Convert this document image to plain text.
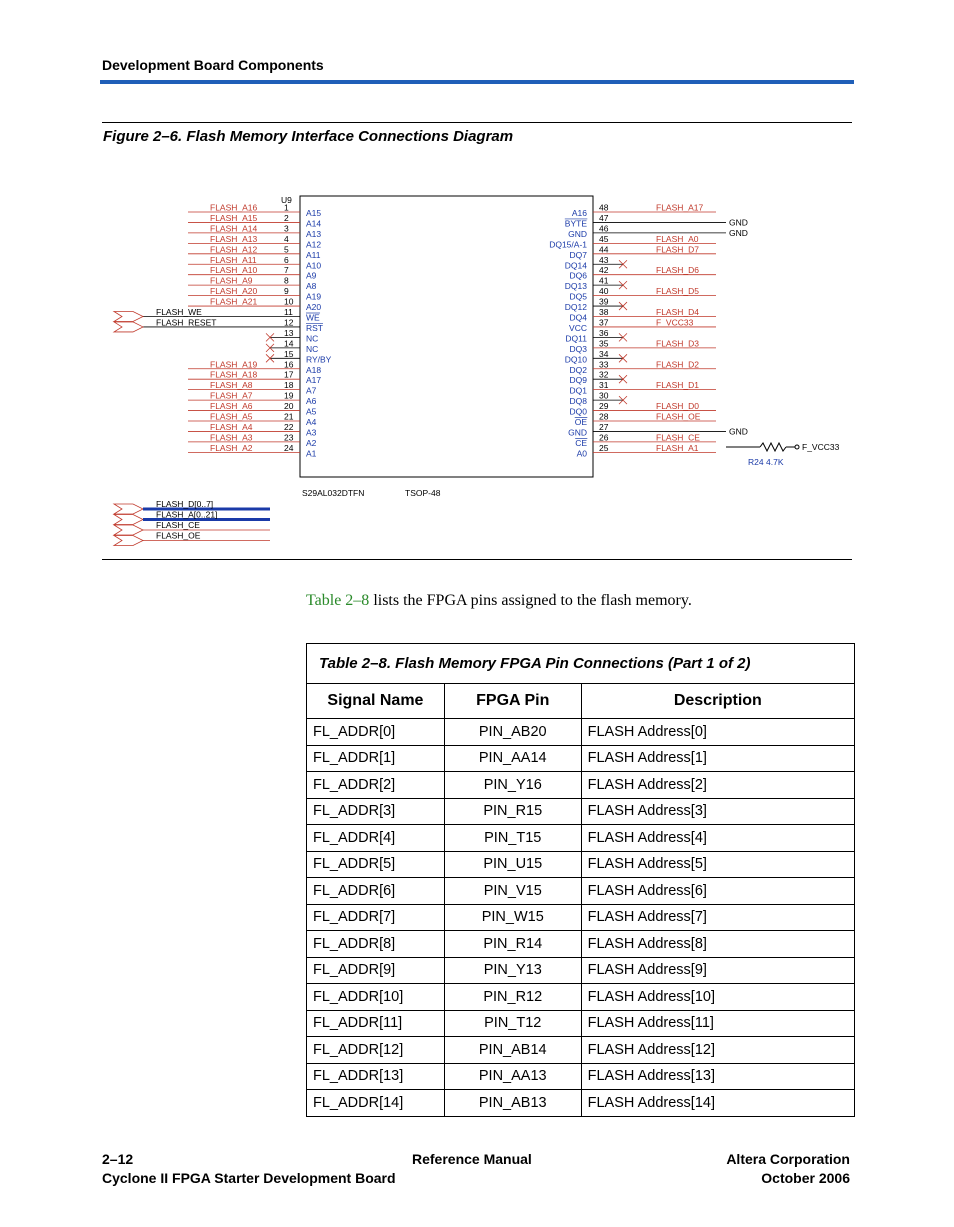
Development Board Components
Figure 2–6. Flash Memory Interface Connections Diagram
U9
S29AL032DTFN	TSOP-48
FLASH_A16	1
A15
FLASH_A15	2
A14
FLASH_A14	3
A13
FLASH_A13	4
A12
FLASH_A12	5
A11
FLASH_A11	6
A10
FLASH_A10	7
A9
FLASH_A9	8
A8
FLASH_A20	9
A19
FLASH_A21	10
A20
FLASH_WE	11
WE
FLASH_RESET	12
RST
13
NC
14
NC
15
RY/BY
FLASH_A19	16
A18
FLASH_A18	17
A17
FLASH_A8	18
A7
FLASH_A7	19
A6
FLASH_A6	20
A5
FLASH_A5	21
A4
FLASH_A4	22
A3
FLASH_A3	23
A2
FLASH_A2	24
A1
A16
48	FLASH_A17
BYTE
47	GND
GND
46	GND
DQ15/A-1
45	FLASH_A0
DQ7
44	FLASH_D7
DQ14
43
DQ6
42	FLASH_D6
DQ13
41
DQ5
40	FLASH_D5
DQ12
39
DQ4
38	FLASH_D4
VCC
37	F_VCC33
DQ11
36
DQ3
35	FLASH_D3
DQ10
34
DQ2
33	FLASH_D2
DQ9
32
DQ1
31	FLASH_D1
DQ8
30
DQ0
29	FLASH_D0
OE
28	FLASH_OE
GND
27	GND
CE
26	FLASH_CE
A0
25	FLASH_A1	F_VCC33
R24 4.7K
FLASH_D[0..7]
FLASH_A[0..21]
FLASH_CE
FLASH_OE
Table 2–8 lists the FPGA pins assigned to the flash memory.
Table 2–8. Flash Memory FPGA Pin Connections (Part 1 of 2)		
Signal Name	FPGA Pin	Description
FL_ADDR[0]	PIN_AB20	FLASH Address[0]
FL_ADDR[1]	PIN_AA14	FLASH Address[1]
FL_ADDR[2]	PIN_Y16	FLASH Address[2]
FL_ADDR[3]	PIN_R15	FLASH Address[3]
FL_ADDR[4]	PIN_T15	FLASH Address[4]
FL_ADDR[5]	PIN_U15	FLASH Address[5]
FL_ADDR[6]	PIN_V15	FLASH Address[6]
FL_ADDR[7]	PIN_W15	FLASH Address[7]
FL_ADDR[8]	PIN_R14	FLASH Address[8]
FL_ADDR[9]	PIN_Y13	FLASH Address[9]
FL_ADDR[10]	PIN_R12	FLASH Address[10]
FL_ADDR[11]	PIN_T12	FLASH Address[11]
FL_ADDR[12]	PIN_AB14	FLASH Address[12]
FL_ADDR[13]	PIN_AA13	FLASH Address[13]
FL_ADDR[14]	PIN_AB13	FLASH Address[14]
2–12
Cyclone II FPGA Starter Development Board
Reference Manual	Altera Corporation
October 2006
